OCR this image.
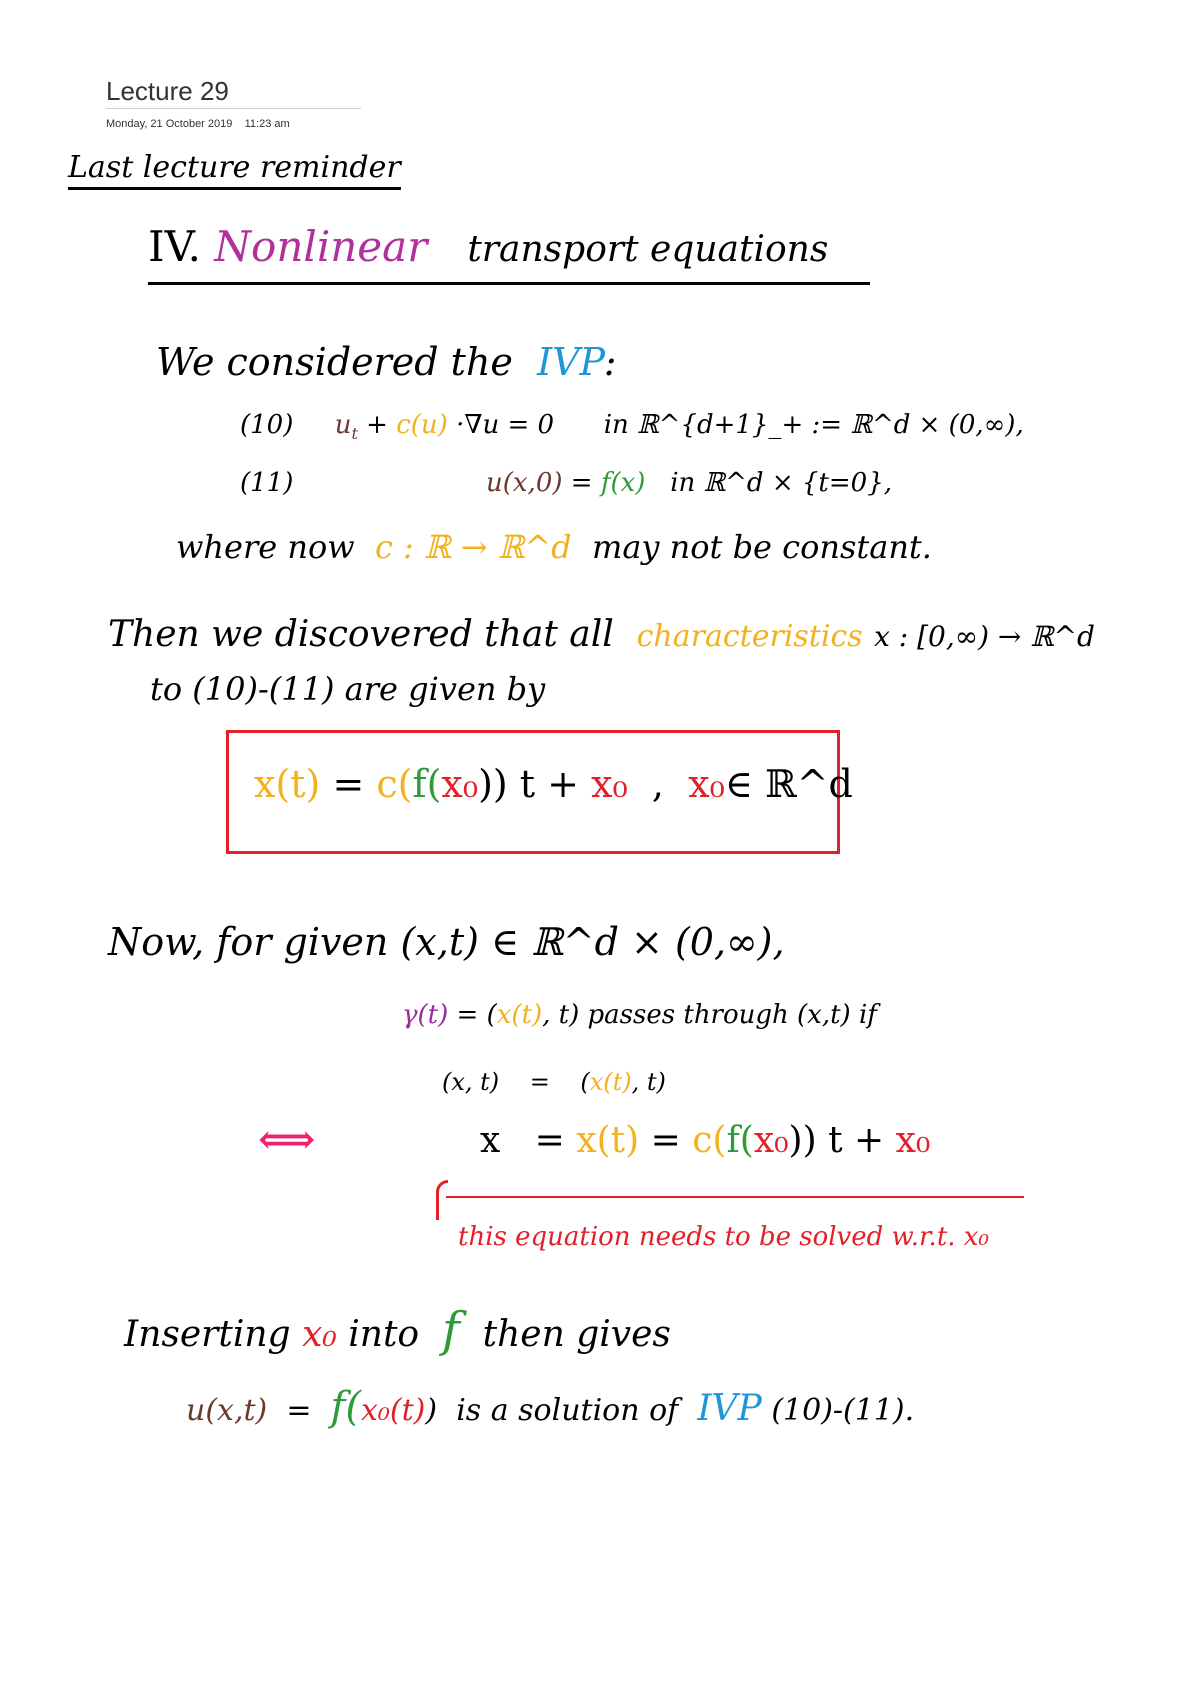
Lecture 29
Monday, 21 October 2019    11:23 am
Last lecture reminder
IV. Nonlinear transport equations
We considered the IVP:
(10) $u_t + c(u) \cdot\nabla u = 0$ in ℝ^{d+1}_+ := ℝ^d × (0,∞),
(11)	u(x,0) = f(x) in ℝ^d × {t=0},
where now c : ℝ → ℝ^d may not be constant.
Then we discovered that all characteristics x : [0,∞) → ℝ^d
to (10)-(11) are given by
x(t) = c(f(x₀)) t + x₀ , x₀∈ ℝ^d
Now, for given (x,t) ∈ ℝ^d × (0,∞),
γ(t) = (x(t), t) passes through (x,t) if
(x, t) = (x(t), t)
⟺	x = x(t) = c(f(x₀)) t + x₀
this equation needs to be solved w.r.t. x₀
Inserting x₀ into f then gives
u(x,t) = f(x₀(t)) is a solution of IVP (10)-(11).
